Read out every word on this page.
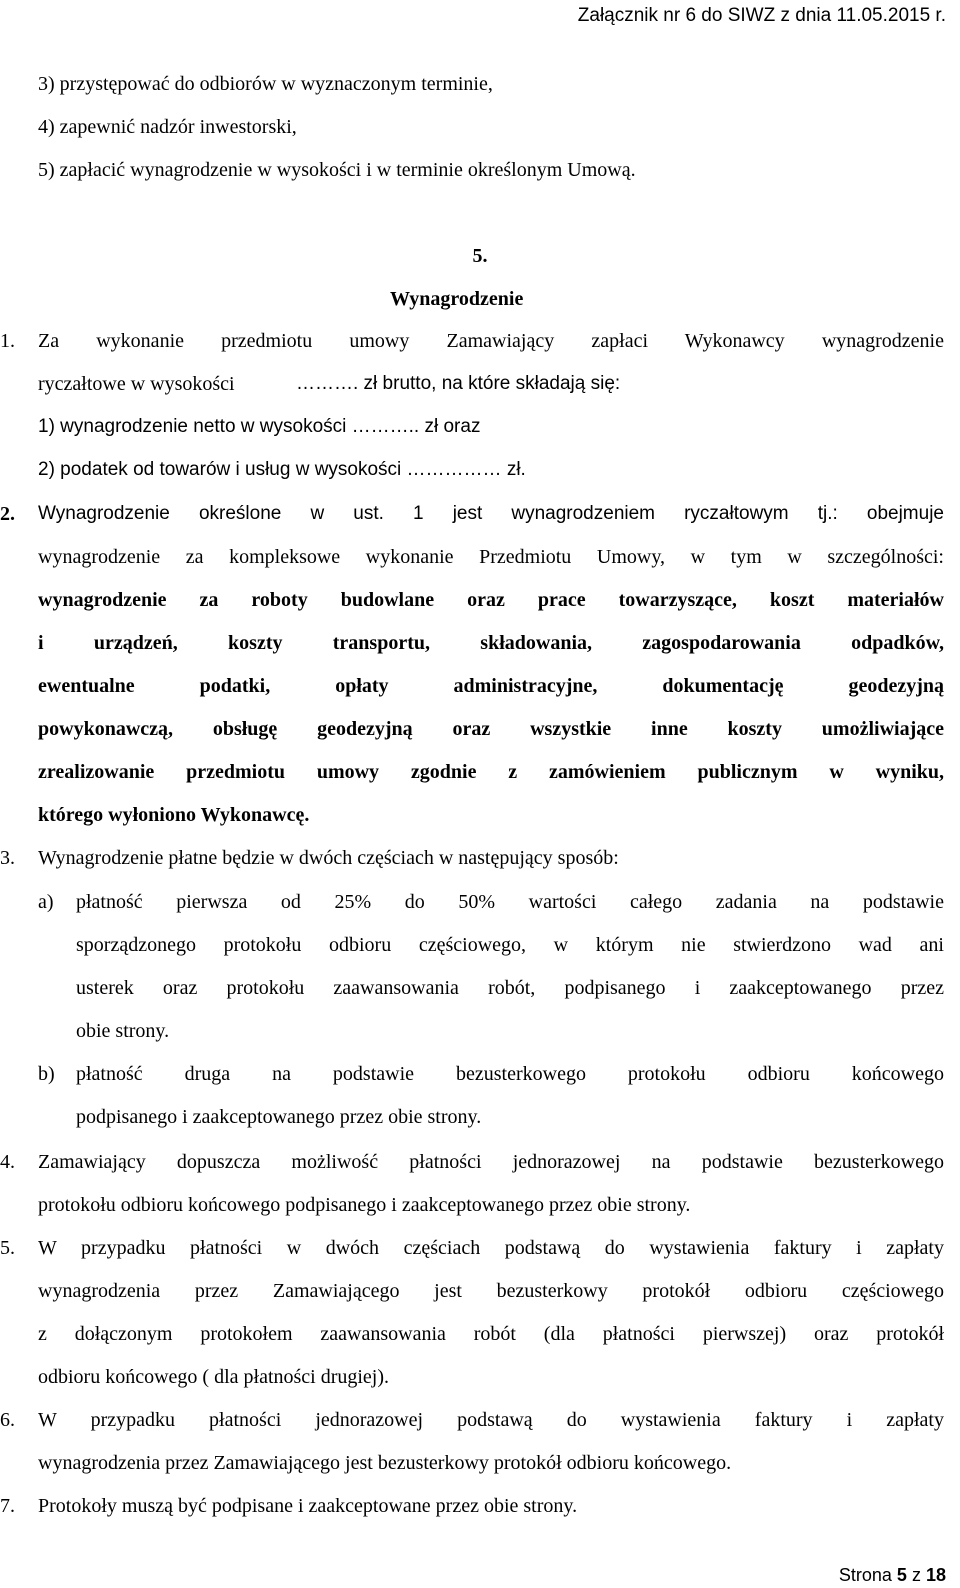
Załącznik nr 6 do SIWZ z dnia 11.05.2015 r.
3) przystępować do odbiorów w wyznaczonym terminie,
4) zapewnić nadzór inwestorski,
5) zapłacić wynagrodzenie w wysokości i w terminie określonym Umową.
5.
Wynagrodzenie
1. Za wykonanie przedmiotu umowy Zamawiający zapłaci Wykonawcy wynagrodzenie
ryczałtowe w wysokości	………. zł brutto, na które składają się:
1) wynagrodzenie netto w wysokości ……….. zł oraz
2) podatek od towarów i usług w wysokości …………… zł.
2. Wynagrodzenie określone w ust. 1 jest wynagrodzeniem ryczałtowym tj.: obejmuje
wynagrodzenie za kompleksowe wykonanie Przedmiotu Umowy, w tym w szczególności:
wynagrodzenie za roboty budowlane oraz prace towarzyszące, koszt materiałów
i urządzeń, koszty transportu, składowania, zagospodarowania odpadków,
ewentualne podatki, opłaty administracyjne, dokumentację geodezyjną
powykonawczą, obsługę geodezyjną oraz wszystkie inne koszty umożliwiające
zrealizowanie przedmiotu umowy zgodnie z zamówieniem publicznym w wyniku,
którego wyłoniono Wykonawcę.
3. Wynagrodzenie płatne będzie w dwóch częściach w następujący sposób:
a) płatność pierwsza od 25% do 50% wartości całego zadania na podstawie
sporządzonego protokołu odbioru częściowego, w którym nie stwierdzono wad ani
usterek oraz protokołu zaawansowania robót, podpisanego i zaakceptowanego przez
obie strony.
b) płatność druga na podstawie bezusterkowego protokołu odbioru końcowego
podpisanego i zaakceptowanego przez obie strony.
4. Zamawiający dopuszcza możliwość płatności jednorazowej na podstawie bezusterkowego
protokołu odbioru końcowego podpisanego i zaakceptowanego przez obie strony.
5. W przypadku płatności w dwóch częściach podstawą do wystawienia faktury i zapłaty
wynagrodzenia przez Zamawiającego jest bezusterkowy protokół odbioru częściowego
z dołączonym protokołem zaawansowania robót (dla płatności pierwszej) oraz protokół
odbioru końcowego ( dla płatności drugiej).
6. W przypadku płatności jednorazowej podstawą do wystawienia faktury i zapłaty
wynagrodzenia przez Zamawiającego jest bezusterkowy protokół odbioru końcowego.
7. Protokoły muszą być podpisane i zaakceptowane przez obie strony.
Strona 5 z 18
